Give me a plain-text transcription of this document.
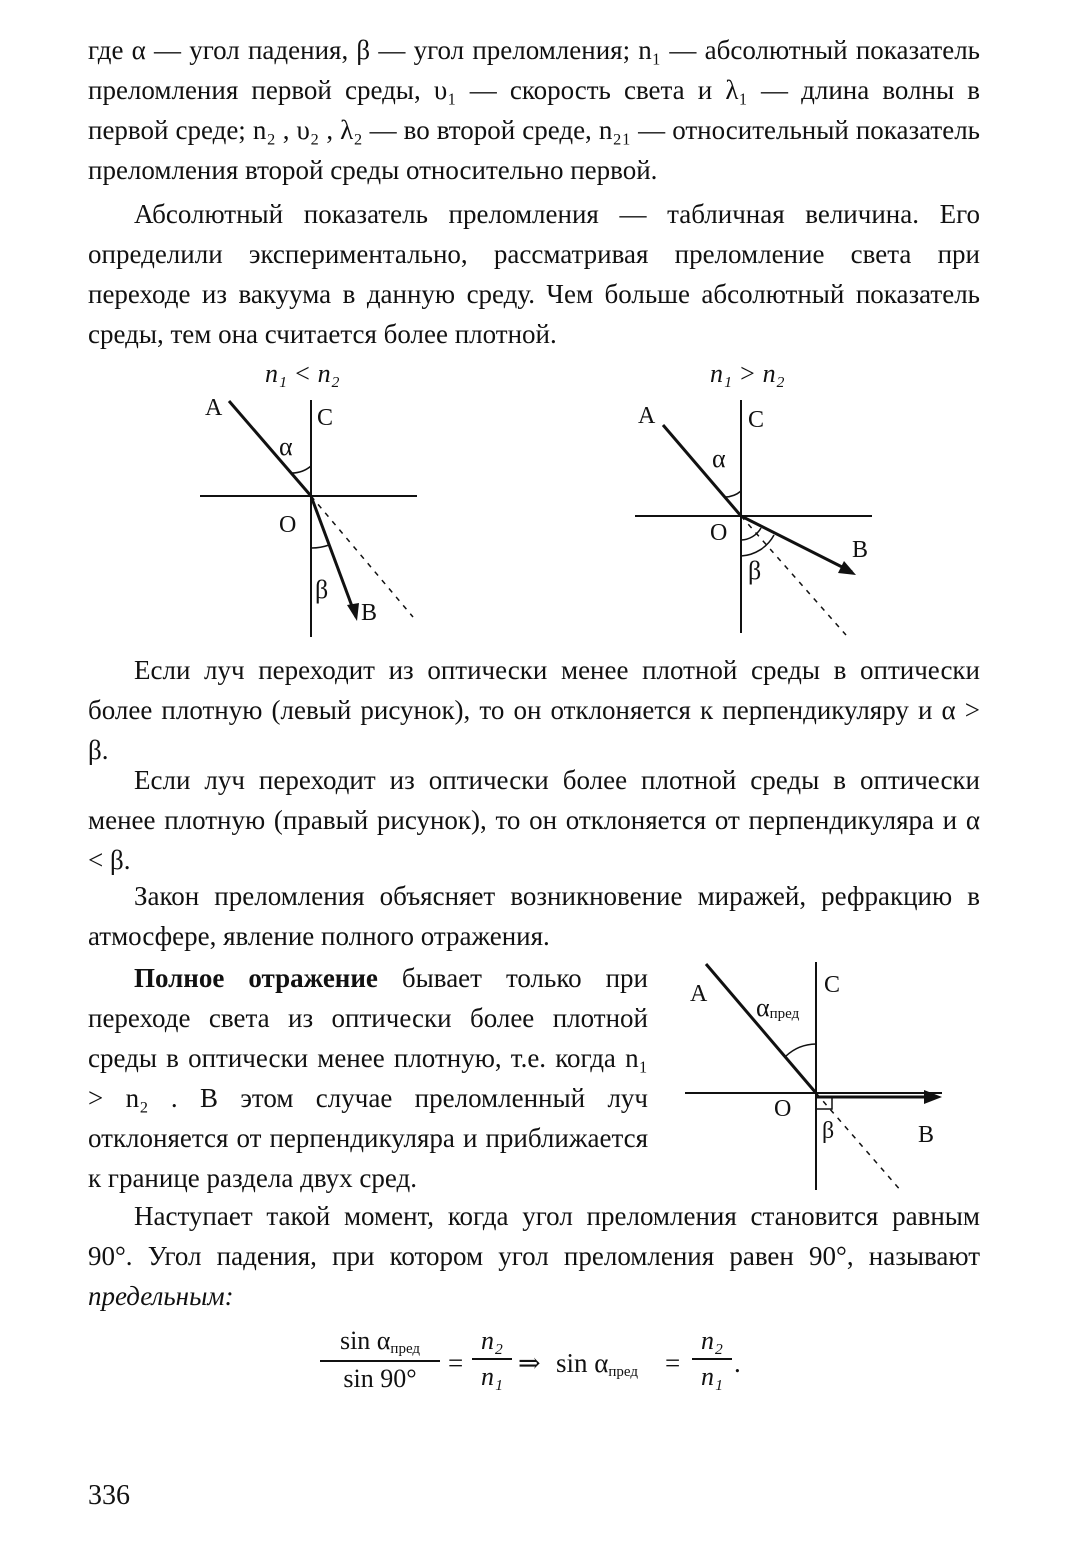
где α — угол падения, β — угол преломления; n₁ — абсолютный показатель преломления первой среды, υ₁ — скорость света и λ₁ — длина волны в первой среде; n₂ , υ₂ , λ₂ — во второй среде, n₂₁ — относительный показатель преломления второй среды относительно первой.

Абсолютный показатель преломления — табличная величина. Его определили экспериментально, рассматривая преломление света при переходе из вакуума в данную среду. Чем больше абсолютный показатель среды, тем она считается более плотной.

n₁ < n₂
A	C
α
O
β
B
n₁ > n₂
A	C
α
O
β
B

Если луч переходит из оптически менее плотной среды в оптически более плотную (левый рисунок), то он отклоняется к перпендикуляру и α > β.

Если луч переходит из оптически более плотной среды в оптически менее плотную (правый рисунок), то он отклоняется от перпендикуляра и α < β.

Закон преломления объясняет возникновение миражей, рефракцию в атмосфере, явление полного отражения.

Полное отражение бывает только при переходе света из оптически более плотной среды в оптически менее плотную, т.е. когда n₁ > n₂ . В этом случае преломленный луч отклоняется от перпендикуляра и приближается к границе раздела двух сред.

A	C
αпред
O
β	B

Наступает такой момент, когда угол преломления становится равным 90°. Угол падения, при котором угол преломления равен 90°, называют предельным:

$\sin \alpha_{пред}$
sin 90°
= $\frac{\text{n₂}}{\text{n₁}}$ ⇒ $\sin \alpha_{пред} = \frac{\text{n₂}}{\text{n₁}}$ .
336
